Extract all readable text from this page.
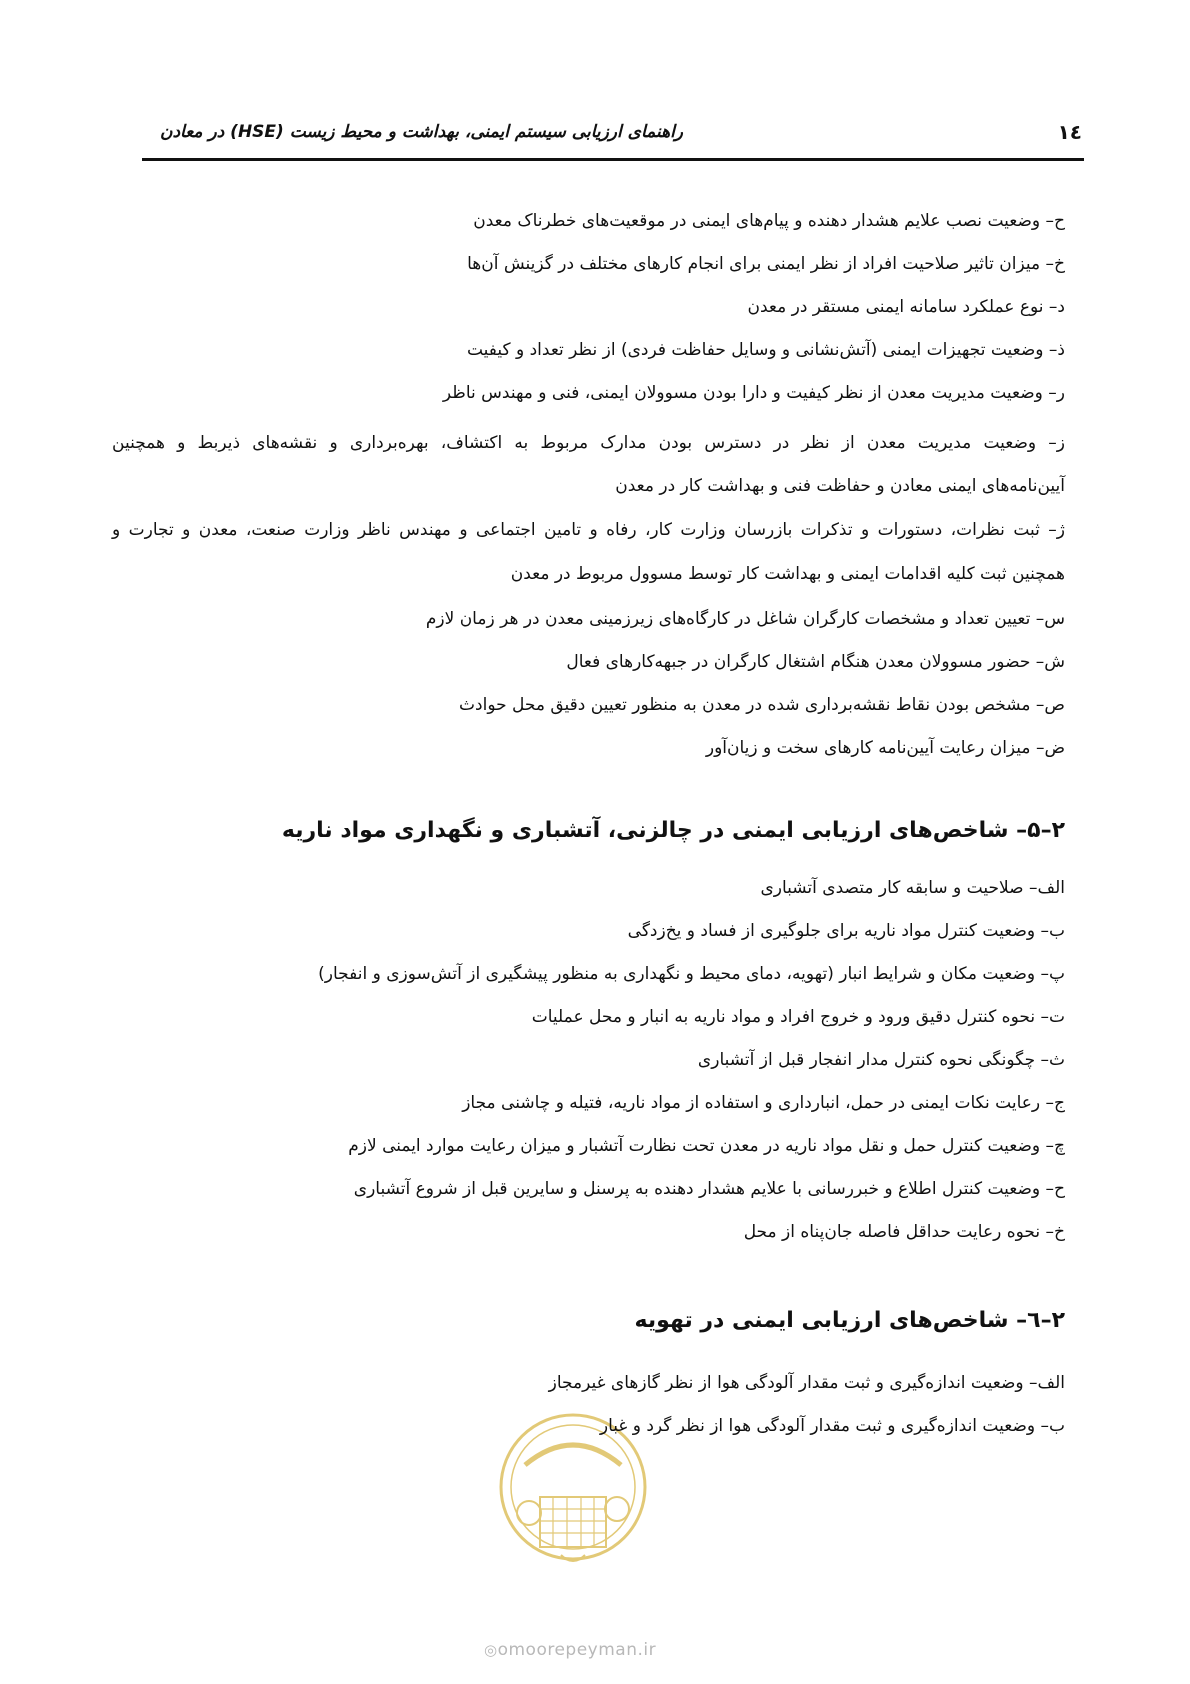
راهنمای ارزیابی سیستم ایمنی، بهداشت و محیط زیست (HSE) در معادن	۱٤
ح– وضعیت نصب علایم هشدار دهنده و پیام‌های ایمنی در موقعیت‌های خطرناک معدن
خ– میزان تاثیر صلاحیت افراد از نظر ایمنی برای انجام کارهای مختلف در گزینش آن‌ها
د– نوع عملکرد سامانه ایمنی مستقر در معدن
ذ– وضعیت تجهیزات ایمنی (آتش‌نشانی و وسایل حفاظت فردی) از نظر تعداد و کیفیت
ر– وضعیت مدیریت معدن از نظر کیفیت و دارا بودن مسوولان ایمنی، فنی و مهندس ناظر
ز– وضعیت مدیریت معدن از نظر در دسترس بودن مدارک مربوط به اکتشاف، بهره‌برداری و نقشه‌های ذیربط و همچنین
آیین‌نامه‌های ایمنی معادن و حفاظت فنی و بهداشت کار در معدن
ژ– ثبت نظرات، دستورات و تذکرات بازرسان وزارت کار، رفاه و تامین اجتماعی و مهندس ناظر وزارت صنعت، معدن و تجارت و
همچنین ثبت کلیه اقدامات ایمنی و بهداشت کار توسط مسوول مربوط در معدن
س– تعیین تعداد و مشخصات کارگران شاغل در کارگاه‌های زیرزمینی معدن در هر زمان لازم
ش– حضور مسوولان معدن هنگام اشتغال کارگران در جبهه‌کارهای فعال
ص– مشخص بودن نقاط نقشه‌برداری شده در معدن به منظور تعیین دقیق محل حوادث
ض– میزان رعایت آیین‌نامه کارهای سخت و زیان‌آور
۲–۵– شاخص‌های ارزیابی ایمنی در چالزنی، آتشباری و نگهداری مواد ناریه
الف– صلاحیت و سابقه کار متصدی آتشباری
ب– وضعیت کنترل مواد ناریه برای جلوگیری از فساد و یخ‌زدگی
پ– وضعیت مکان و شرایط انبار (تهویه، دمای محیط و نگهداری به منظور پیشگیری از آتش‌سوزی و انفجار)
ت– نحوه کنترل دقیق ورود و خروج افراد و مواد ناریه به انبار و محل عملیات
ث– چگونگی نحوه کنترل مدار انفجار قبل از آتشباری
ج– رعایت نکات ایمنی در حمل، انبارداری و استفاده از مواد ناریه، فتیله و چاشنی مجاز
چ– وضعیت کنترل حمل و نقل مواد ناریه در معدن تحت نظارت آتشبار و میزان رعایت موارد ایمنی لازم
ح– وضعیت کنترل اطلاع و خبررسانی با علایم هشدار دهنده به پرسنل و سایرین قبل از شروع آتشباری
خ– نحوه رعایت حداقل فاصله جان‌پناه از محل
◎omoorepeyman.ir
۲–٦– شاخص‌های ارزیابی ایمنی در تهویه
الف– وضعیت اندازه‌گیری و ثبت مقدار آلودگی هوا از نظر گازهای غیرمجاز
ب– وضعیت اندازه‌گیری و ثبت مقدار آلودگی هوا از نظر گرد و غبار
